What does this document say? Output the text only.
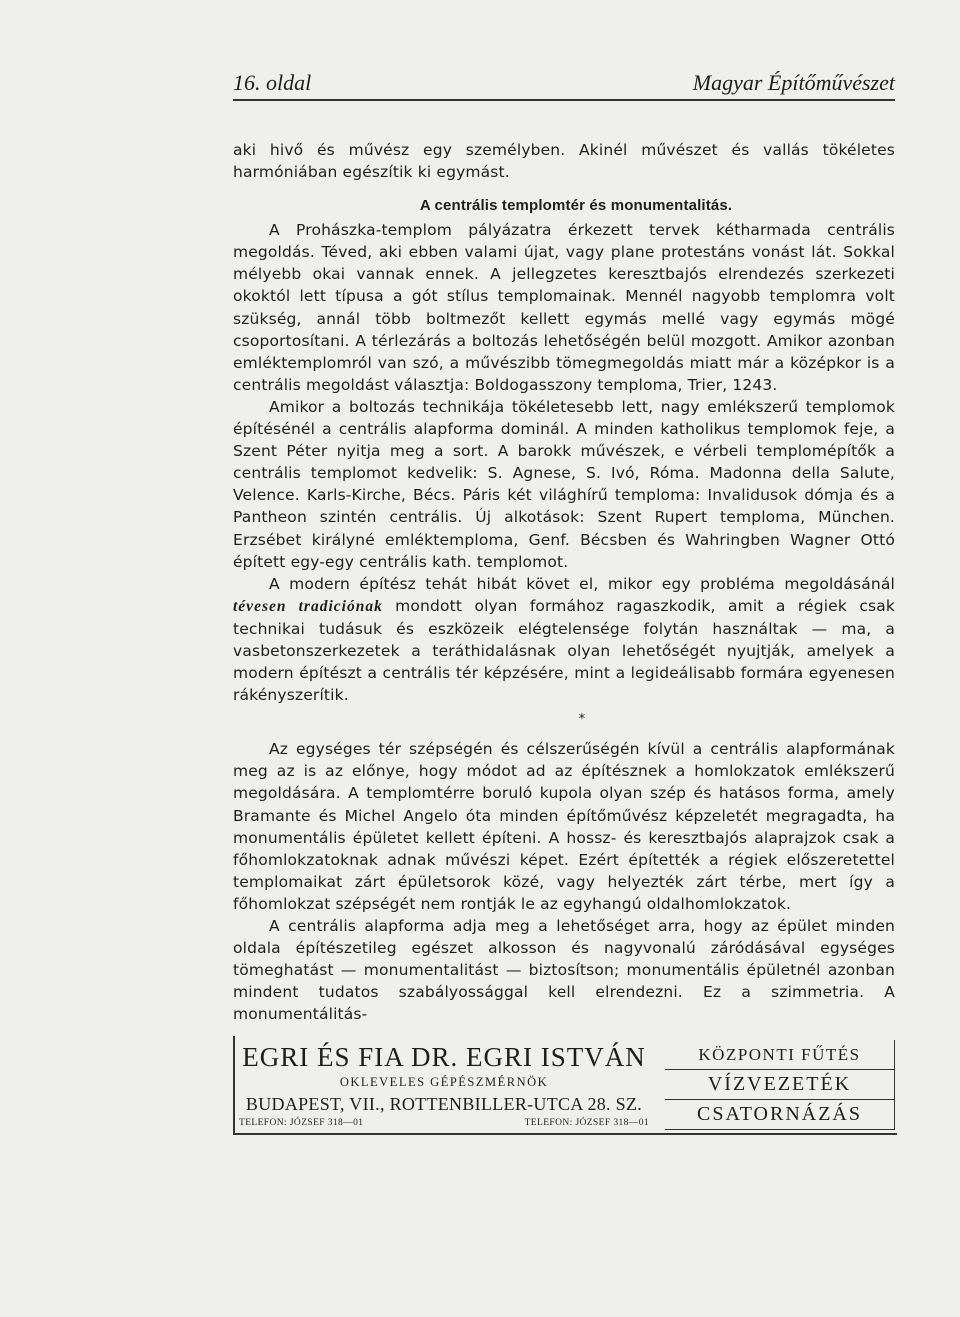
16. oldal	Magyar Építőművészet

aki hivő és művész egy személyben. Akinél művészet és vallás tökéletes harmóniában egészítik ki egymást.

A centrális templomtér és monumentalitás.

A Prohászka-templom pályázatra érkezett tervek kétharmada centrális megoldás. Téved, aki ebben valami újat, vagy plane protestáns vonást lát. Sokkal mélyebb okai vannak ennek. A jellegzetes keresztbajós elrendezés szerkezeti okoktól lett típusa a gót stílus templomainak. Mennél nagyobb templomra volt szükség, annál több boltmezőt kellett egymás mellé vagy egymás mögé csoportosítani. A térlezárás a boltozás lehetőségén belül mozgott. Amikor azonban emléktemplomról van szó, a művészibb tömegmegoldás miatt már a középkor is a centrális megoldást választja: Boldogasszony temploma, Trier, 1243.

Amikor a boltozás technikája tökéletesebb lett, nagy emlékszerű templomok építésénél a centrális alapforma dominál. A minden katholikus templomok feje, a Szent Péter nyitja meg a sort. A barokk művészek, e vérbeli templomépítők a centrális templomot kedvelik: S. Agnese, S. Ivó, Róma. Madonna della Salute, Velence. Karls-Kirche, Bécs. Páris két világhírű temploma: Invalidusok dómja és a Pantheon szintén centrális. Új alkotások: Szent Rupert temploma, München. Erzsébet királyné emléktemploma, Genf. Bécsben és Wahringben Wagner Ottó épített egy-egy centrális kath. templomot.

A modern építész tehát hibát követ el, mikor egy probléma megoldásánál tévesen tradiciónak mondott olyan formához ragaszkodik, amit a régiek csak technikai tudásuk és eszközeik elégtelensége folytán használtak — ma, a vasbetonszerkezetek a teráthidalásnak olyan lehetőségét nyujtják, amelyek a modern építészt a centrális tér képzésére, mint a legideálisabb formára egyenesen rákényszerítik.

*

Az egységes tér szépségén és célszerűségén kívül a centrális alapformának meg az is az előnye, hogy módot ad az építésznek a homlokzatok emlékszerű megoldására. A templomtérre boruló kupola olyan szép és hatásos forma, amely Bramante és Michel Angelo óta minden építőművész képzeletét megragadta, ha monumentális épületet kellett építeni. A hossz- és keresztbajós alaprajzok csak a főhomlokzatoknak adnak művészi képet. Ezért építették a régiek előszeretettel templomaikat zárt épületsorok közé, vagy helyezték zárt térbe, mert így a főhomlokzat szépségét nem rontják le az egyhangú oldalhomlokzatok.

A centrális alapforma adja meg a lehetőséget arra, hogy az épület minden oldala építészetileg egészet alkosson és nagyvonalú záródásával egységes tömeghatást — monumentalitást — biztosítson; monumentális épületnél azonban mindent tudatos szabályossággal kell elrendezni. Ez a szimmetria. A monumentálitás-

EGRI ÉS FIA DR. EGRI ISTVÁN
OKLEVELES GÉPÉSZMÉRNÖK
BUDAPEST, VII., ROTTENBILLER-UTCA 28. SZ.
TELEFON: JÓZSEF 318—01	TELEFON: JÓZSEF 318—01
KÖZPONTI FŰTÉS
VÍZVEZETÉK
CSATORNÁZÁS
